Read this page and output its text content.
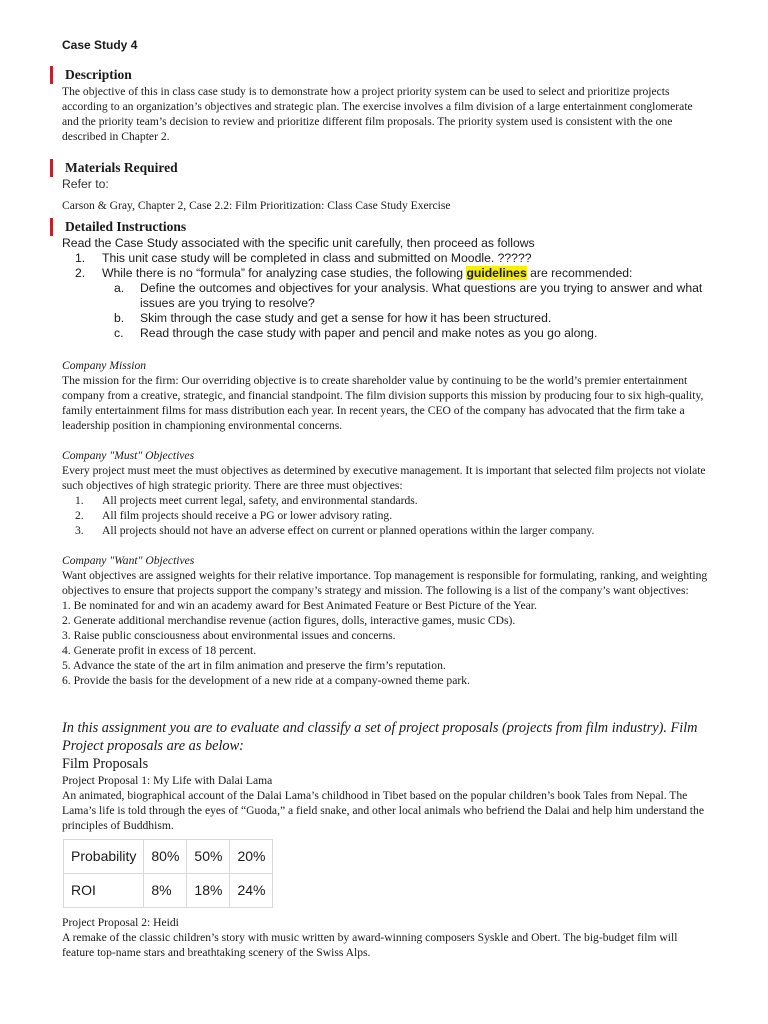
Case Study 4
Description

The objective of this in class case study is to demonstrate how a project priority system can be used to select and prioritize projects according to an organization’s objectives and strategic plan. The exercise involves a film division of a large entertainment conglomerate and the priority team’s decision to review and prioritize different film proposals. The priority system used is consistent with the one described in Chapter 2.

Materials Required

Refer to:

Carson & Gray, Chapter 2, Case 2.2: Film Prioritization: Class Case Study Exercise

Detailed Instructions

Read the Case Study associated with the specific unit carefully, then proceed as follows

1. This unit case study will be completed in class and submitted on Moodle. ?????
2. While there is no “formula” for analyzing case studies, the following guidelines are recommended:
a. Define the outcomes and objectives for your analysis. What questions are you trying to answer and what issues are you trying to resolve?
b. Skim through the case study and get a sense for how it has been structured.
c. Read through the case study with paper and pencil and make notes as you go along.

Company Mission

The mission for the firm: Our overriding objective is to create shareholder value by continuing to be the world’s premier entertainment company from a creative, strategic, and financial standpoint. The film division supports this mission by producing four to six high-quality, family entertainment films for mass distribution each year. In recent years, the CEO of the company has advocated that the firm take a leadership position in championing environmental concerns.

Company "Must" Objectives

Every project must meet the must objectives as determined by executive management. It is important that selected film projects not violate such objectives of high strategic priority. There are three must objectives:

1. All projects meet current legal, safety, and environmental standards.
2. All film projects should receive a PG or lower advisory rating.
3. All projects should not have an adverse effect on current or planned operations within the larger company.

Company "Want" Objectives

Want objectives are assigned weights for their relative importance. Top management is responsible for formulating, ranking, and weighting objectives to ensure that projects support the company’s strategy and mission. The following is a list of the company’s want objectives:

1. Be nominated for and win an academy award for Best Animated Feature or Best Picture of the Year.

2. Generate additional merchandise revenue (action figures, dolls, interactive games, music CDs).

3. Raise public consciousness about environmental issues and concerns.

4. Generate profit in excess of 18 percent.

5. Advance the state of the art in film animation and preserve the firm’s reputation.

6. Provide the basis for the development of a new ride at a company-owned theme park.

In this assignment you are to evaluate and classify a set of project proposals (projects from film industry). Film Project proposals are as below:

Film Proposals

Project Proposal 1: My Life with Dalai Lama

An animated, biographical account of the Dalai Lama’s childhood in Tibet based on the popular children’s book Tales from Nepal. The Lama’s life is told through the eyes of “Guoda,” a field snake, and other local animals who befriend the Dalai and help him understand the principles of Buddhism.

Probability	80%	50%	20%
ROI	8%	18%	24%

Project Proposal 2: Heidi

A remake of the classic children’s story with music written by award-winning composers Syskle and Obert. The big-budget film will feature top-name stars and breathtaking scenery of the Swiss Alps.
